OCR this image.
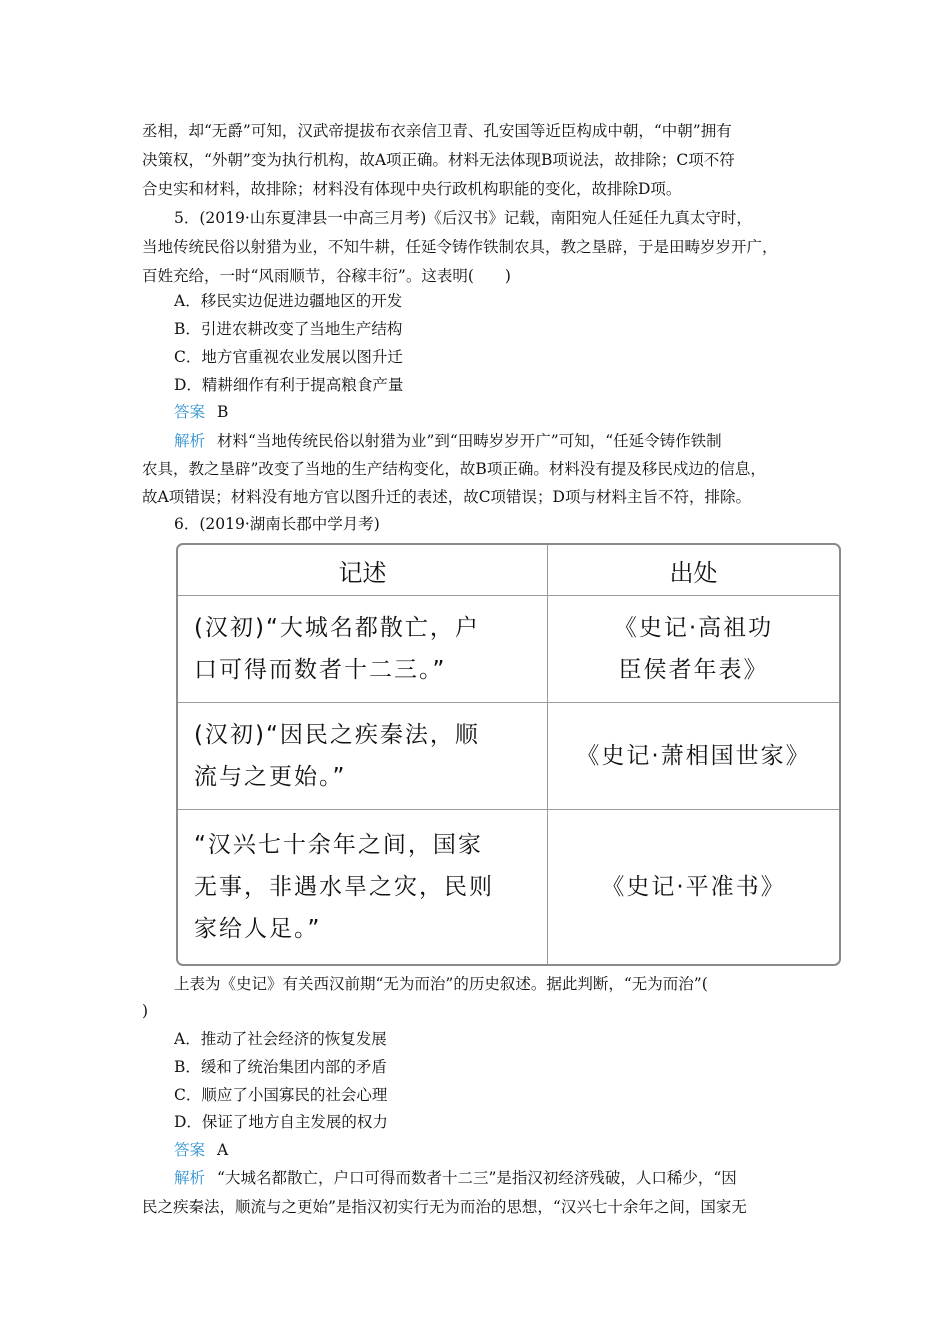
丞相，却“无爵”可知，汉武帝提拔布衣亲信卫青、孔安国等近臣构成中朝，“中朝”拥有
决策权，“外朝”变为执行机构，故A项正确。材料无法体现B项说法，故排除；C项不符
合史实和材料，故排除；材料没有体现中央行政机构职能的变化，故排除D项。
5．(2019·山东夏津县一中高三月考)《后汉书》记载，南阳宛人任延任九真太守时，
当地传统民俗以射猎为业，不知牛耕，任延令铸作铁制农具，教之垦辟，于是田畴岁岁开广，
百姓充给，一时“风雨顺节，谷稼丰衍”。这表明(　　)
A．移民实边促进边疆地区的开发
B．引进农耕改变了当地生产结构
C．地方官重视农业发展以图升迁
D．精耕细作有利于提高粮食产量
答案 B
解析 材料“当地传统民俗以射猎为业”到“田畴岁岁开广”可知，“任延令铸作铁制
农具，教之垦辟”改变了当地的生产结构变化，故B项正确。材料没有提及移民戍边的信息，
故A项错误；材料没有地方官以图升迁的表述，故C项错误；D项与材料主旨不符，排除。
6．(2019·湖南长郡中学月考)
记述	出处

(汉初)“大城名都散亡，户
口可得而数者十二三。”	《史记·高祖功
臣侯者年表》

(汉初)“因民之疾秦法，顺
流与之更始。”	《史记·萧相国世家》

“汉兴七十余年之间，国家
无事，非遇水旱之灾，民则
家给人足。”	《史记·平准书》
上表为《史记》有关西汉前期“无为而治”的历史叙述。据此判断，“无为而治”(
)
A．推动了社会经济的恢复发展
B．缓和了统治集团内部的矛盾
C．顺应了小国寡民的社会心理
D．保证了地方自主发展的权力
答案 A
解析 “大城名都散亡，户口可得而数者十二三”是指汉初经济残破，人口稀少，“因
民之疾秦法，顺流与之更始”是指汉初实行无为而治的思想，“汉兴七十余年之间，国家无
